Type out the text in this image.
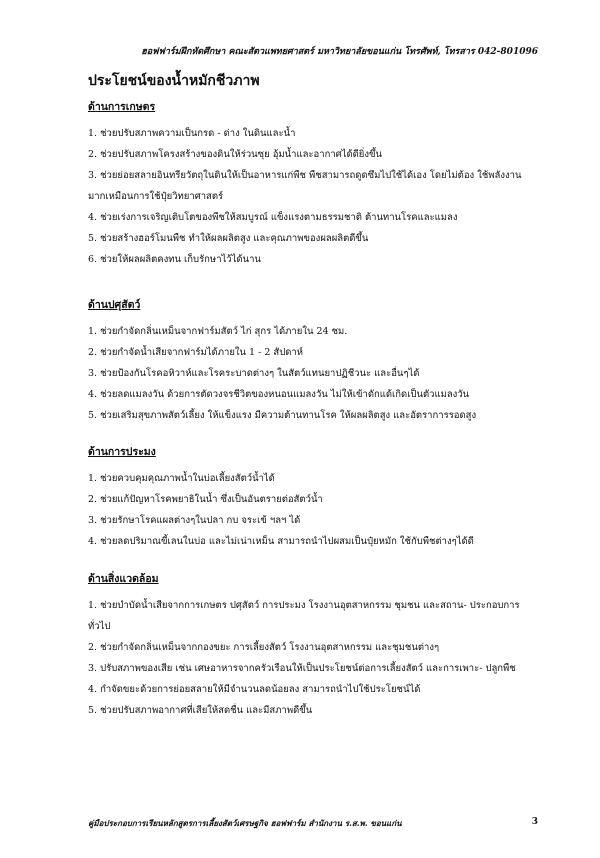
ฮอฟฟาร์มฝึกหัดศึกษา คณะสัตวแพทยศาสตร์ มหาวิทยาลัยขอนแก่น โทรศัพท์, โทรสาร 042-801096
ประโยชน์ของน้ำหมักชีวภาพ
ด้านการเกษตร
1. ช่วยปรับสภาพความเป็นกรด - ด่าง ในดินและน้ำ
2. ช่วยปรับสภาพโครงสร้างของดินให้ร่วนซุย อุ้มน้ำและอากาศได้ดียิ่งขึ้น
3. ช่วยย่อยสลายอินทรียวัตถุในดินให้เป็นอาหารแก่พืช พืชสามารถดูดซึมไปใช้ได้เอง โดยไม่ต้อง ใช้พลังงานมากเหมือนการใช้ปุ๋ยวิทยาศาสตร์
4. ช่วยเร่งการเจริญเติบโตของพืชให้สมบูรณ์ แข็งแรงตามธรรมชาติ ต้านทานโรคและแมลง
5. ช่วยสร้างฮอร์โมนพืช ทำให้ผลผลิตสูง และคุณภาพของผลผลิตดีขึ้น
6. ช่วยให้ผลผลิตคงทน เก็บรักษาไว้ได้นาน
ด้านปศุสัตว์
1. ช่วยกำจัดกลิ่นเหม็นจากฟาร์มสัตว์ ไก่ สุกร ได้ภายใน 24 ชม.
2. ช่วยกำจัดน้ำเสียจากฟาร์มได้ภายใน 1 - 2 สัปดาห์
3. ช่วยป้องกันโรคอหิวาห์และโรคระบาดต่างๆ ในสัตว์แทนยาปฏิชีวนะ และอื่นๆได้
4. ช่วยลดแมลงวัน ด้วยการตัดวงจรชีวิตของหนอนแมลงวัน ไม่ให้เข้าดักแด้เกิดเป็นตัวแมลงวัน
5. ช่วยเสริมสุขภาพสัตว์เลี้ยง ให้แข็งแรง มีความต้านทานโรค ให้ผลผลิตสูง และอัตราการรอดสูง
ด้านการประมง
1. ช่วยควบคุมคุณภาพน้ำในบ่อเลี้ยงสัตว์น้ำได้
2. ช่วยแก้ปัญหาโรคพยาธิในน้ำ ซึ่งเป็นอันตรายต่อสัตว์น้ำ
3. ช่วยรักษาโรคแผลต่างๆในปลา กบ จระเข้ ฯลฯ ได้
4. ช่วยลดปริมาณขี้เลนในบ่อ และไม่เน่าเหม็น สามารถนำไปผสมเป็นปุ๋ยหมัก ใช้กับพืชต่างๆได้ดี
ด้านสิ่งแวดล้อม
1. ช่วยบำบัดน้ำเสียจากการเกษตร ปศุสัตว์ การประมง โรงงานอุตสาหกรรม ชุมชน และสถาน- ประกอบการทั่วไป
2. ช่วยกำจัดกลิ่นเหม็นจากกองขยะ การเลี้ยงสัตว์ โรงงานอุตสาหกรรม และชุมชนต่างๆ
3. ปรับสภาพของเสีย เช่น เศษอาหารจากครัวเรือนให้เป็นประโยชน์ต่อการเลี้ยงสัตว์ และการเพาะ- ปลูกพืช
4. กำจัดขยะด้วยการย่อยสลายให้มีจำนวนลดน้อยลง สามารถนำไปใช้ประโยชน์ได้
5. ช่วยปรับสภาพอากาศที่เสียให้สดชื่น และมีสภาพดีขึ้น
คู่มือประกอบการเรียนหลักสูตรการเลี้ยงสัตว์เศรษฐกิจ ฮอฟฟาร์ม สำนักงาน ร.ส.พ. ขอนแก่น	3
